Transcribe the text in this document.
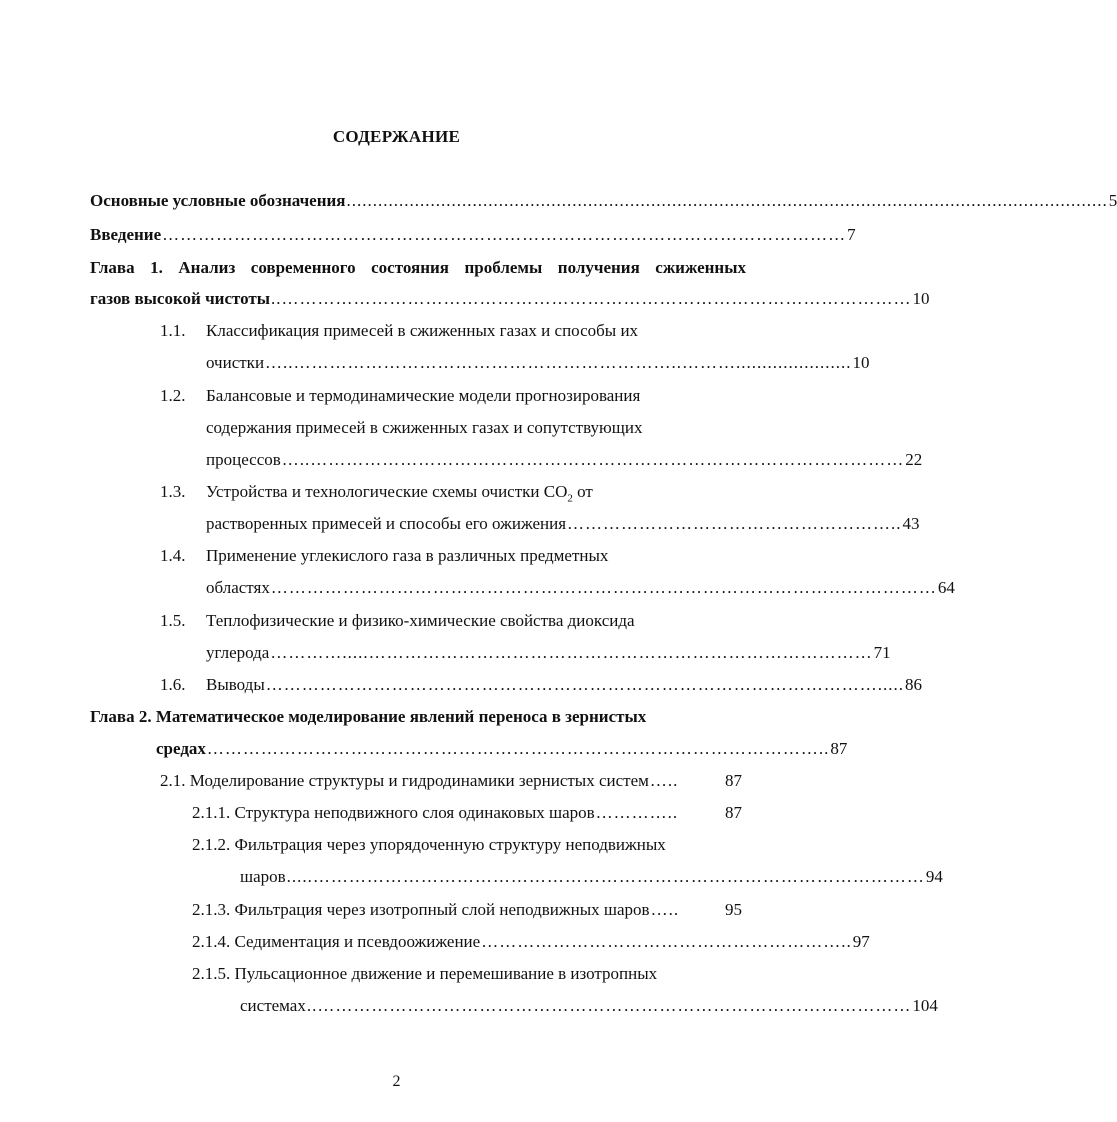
СОДЕРЖАНИЕ
Основные условные обозначения ................................................................................................................................................. 5
Введение …………………………………………………………………………………………………… 7
Глава 1. Анализ современного состояния проблемы получения сжиженных
газов высокой чистоты ..…………………………………………………………………………………………… 10
1.1. Классификация примесей в сжиженных газах и способы их
очистки …..………………………………………………………..………...................... 10
1.2. Балансовые и термодинамические модели прогнозирования
содержания примесей в сжиженных газах и сопутствующих
процессов …..……………………………………………………………………………………… 22
1.3. Устройства и технологические схемы очистки $CO_2$ от
растворенных примесей и способы его ожижения ……………………………………………….. 43
1.4. Применение углекислого газа в различных предметных
областях ………………………………………………………………………………………………… 64
1.5. Теплофизические и физико-химические свойства диоксида
углерода ………….....………………………………………………………………………… 71
1.6. Выводы …………………………………………………………………………………………..... 86
Глава 2. Математическое моделирование явлений переноса в зернистых
средах ………………………………………………………………………………………….. 87
2.1. Моделирование структуры и гидродинамики зернистых систем …..	87
2.1.1. Структура неподвижного слоя одинаковых шаров …………..	87
2.1.2. Фильтрация через упорядоченную структуру неподвижных
шаров .....………………………………………………………………………………………… 94
2.1.3. Фильтрация через изотропный слой неподвижных шаров …..	95
2.1.4. Седиментация и псевдоожижение …………………………………………………….. 97
2.1.5. Пульсационное движение и перемешивание в изотропных
системах ..……………………………………………………………………………………… 104
2
